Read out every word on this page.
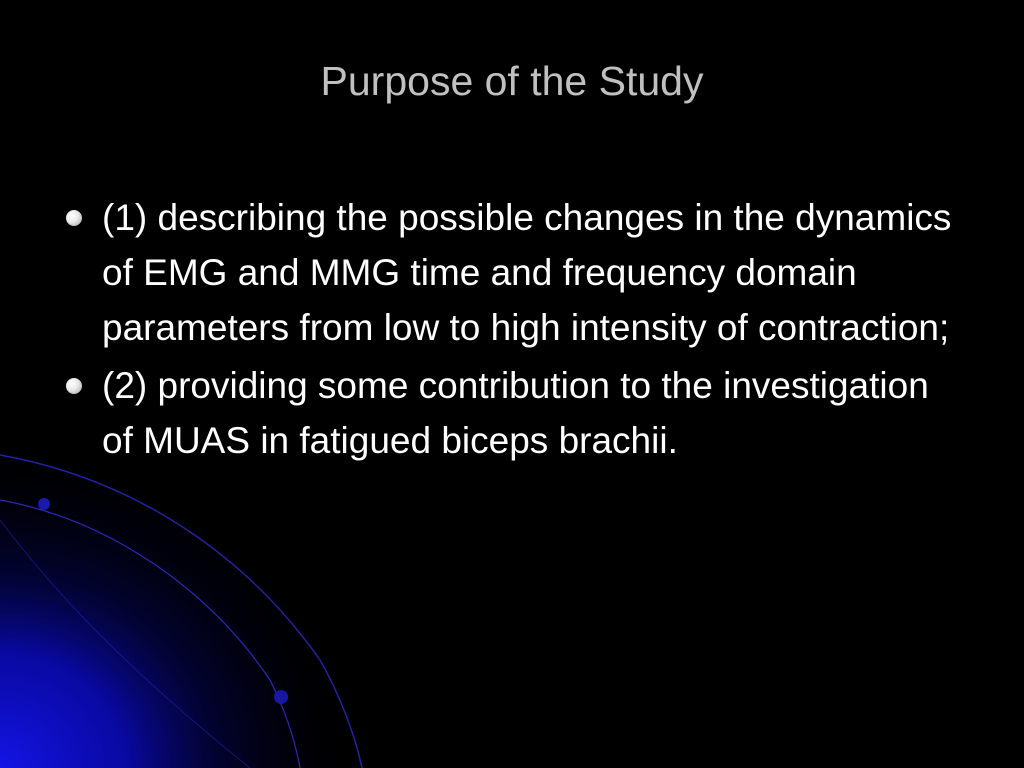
Purpose of the Study
(1) describing the possible changes in the dynamics of EMG and MMG time and frequency domain parameters from low to high intensity of contraction;
(2) providing some contribution to the investigation of MUAS in fatigued biceps brachii.
